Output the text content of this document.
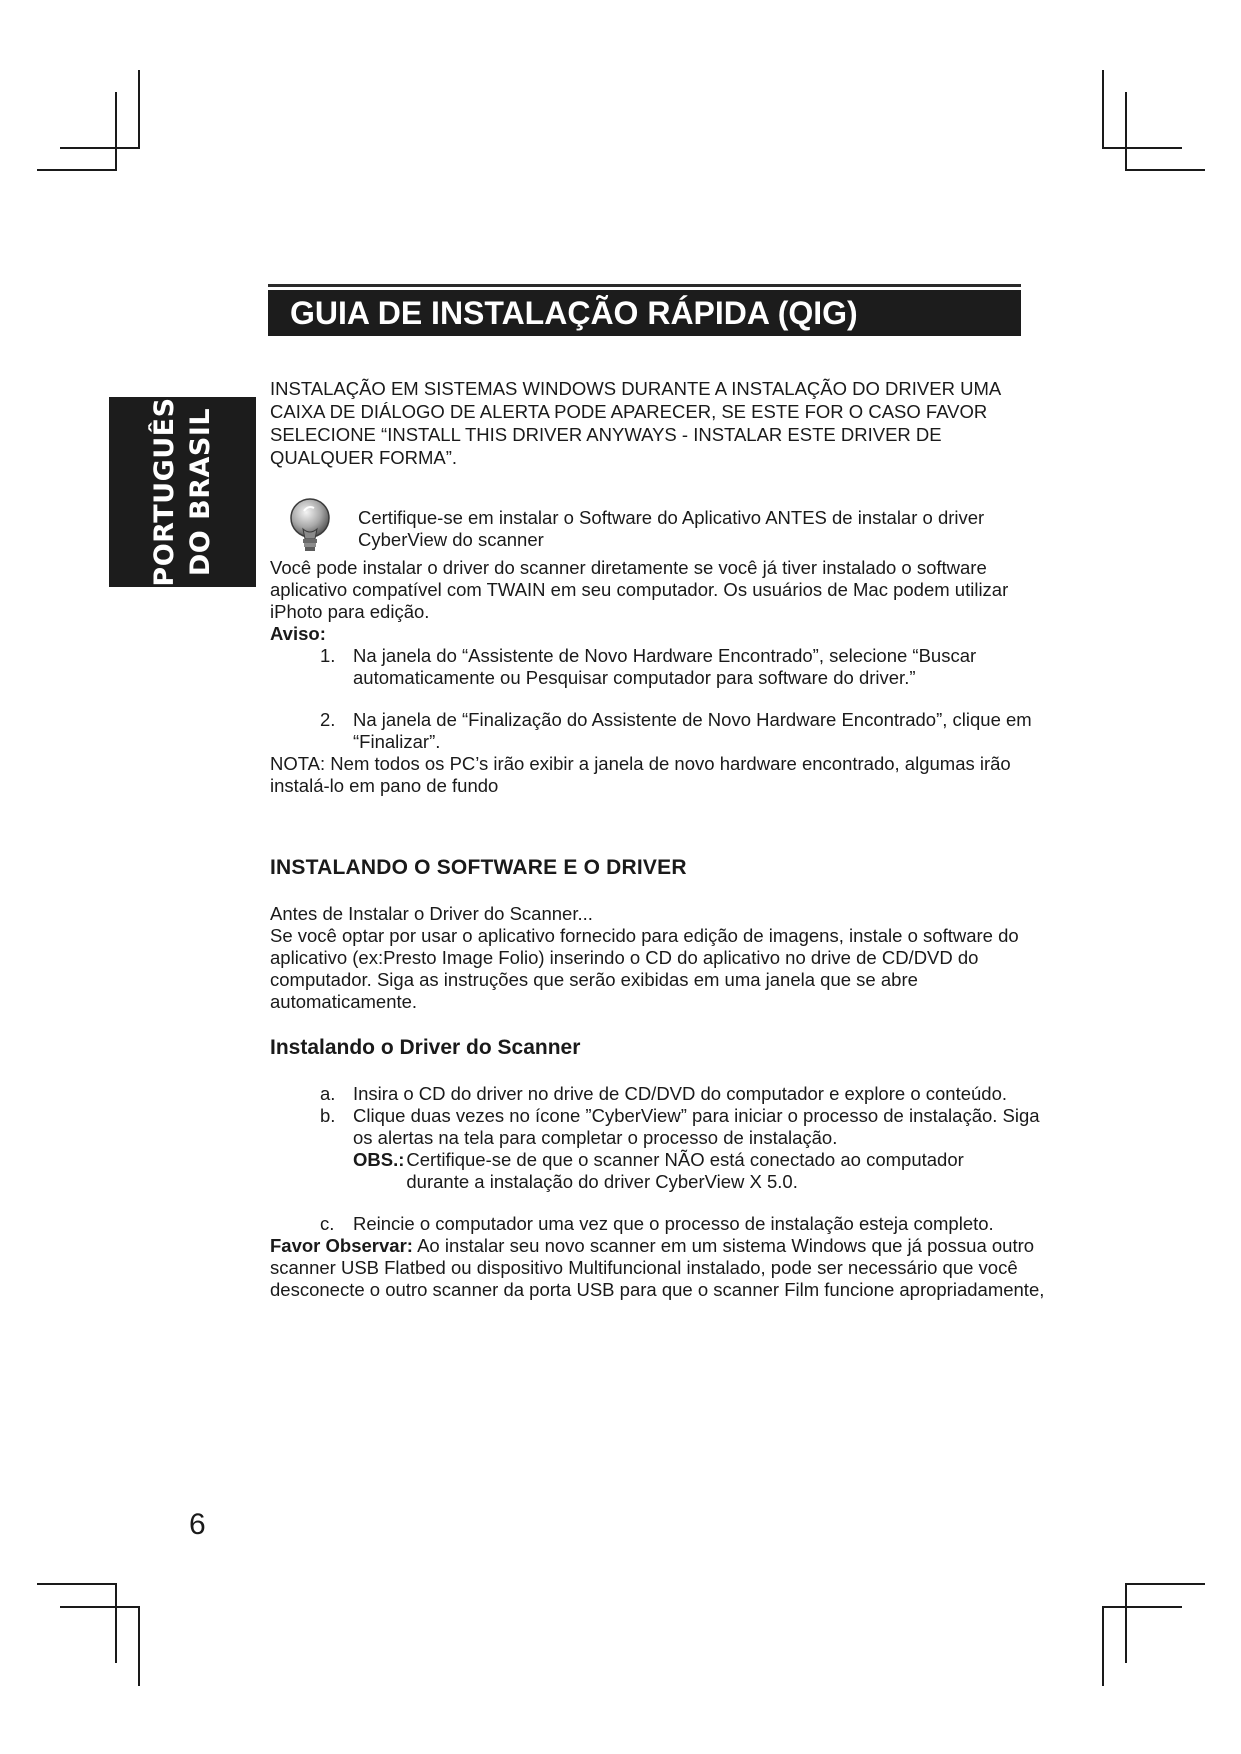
PORTUGUÊS DO BRASIL
GUIA DE INSTALAÇÃO RÁPIDA (QIG)

INSTALAÇÃO EM SISTEMAS WINDOWS DURANTE A INSTALAÇÃO DO DRIVER UMA CAIXA DE DIÁLOGO DE ALERTA PODE APARECER, SE ESTE FOR O CASO FAVOR SELECIONE “INSTALL THIS DRIVER ANYWAYS - INSTALAR ESTE DRIVER DE QUALQUER FORMA”.

Certifique-se em instalar o Software do Aplicativo ANTES de instalar o driver CyberView do scanner

Você pode instalar o driver do scanner diretamente se você já tiver instalado o software aplicativo compatível com TWAIN em seu computador. Os usuários de Mac podem utilizar iPhoto para edição.

Aviso:

1. Na janela do “Assistente de Novo Hardware Encontrado”, selecione “Buscar automaticamente ou Pesquisar computador para software do driver.”
2. Na janela de “Finalização do Assistente de Novo Hardware Encontrado”, clique em “Finalizar”.

NOTA: Nem todos os PC’s irão exibir a janela de novo hardware encontrado, algumas irão instalá-lo em pano de fundo

INSTALANDO O SOFTWARE E O DRIVER

Antes de Instalar o Driver do Scanner...

Se você optar por usar o aplicativo fornecido para edição de imagens, instale o software do aplicativo (ex:Presto Image Folio) inserindo o CD do aplicativo no drive de CD/DVD do computador. Siga as instruções que serão exibidas em uma janela que se abre automaticamente.

Instalando o Driver do Scanner
a. Insira o CD do driver no drive de CD/DVD do computador e explore o conteúdo.
b. Clique duas vezes no ícone ”CyberView” para iniciar o processo de instalação. Siga os alertas na tela para completar o processo de instalação.
OBS.: Certifique-se de que o scanner NÃO está conectado ao computador durante a instalação do driver CyberView X 5.0.
c.	Reincie o computador uma vez que o processo de instalação esteja completo.

Favor Observar: Ao instalar seu novo scanner em um sistema Windows que já possua outro scanner USB Flatbed ou dispositivo Multifuncional instalado, pode ser necessário que você desconecte o outro scanner da porta USB para que o scanner Film funcione apropriadamente,

6
